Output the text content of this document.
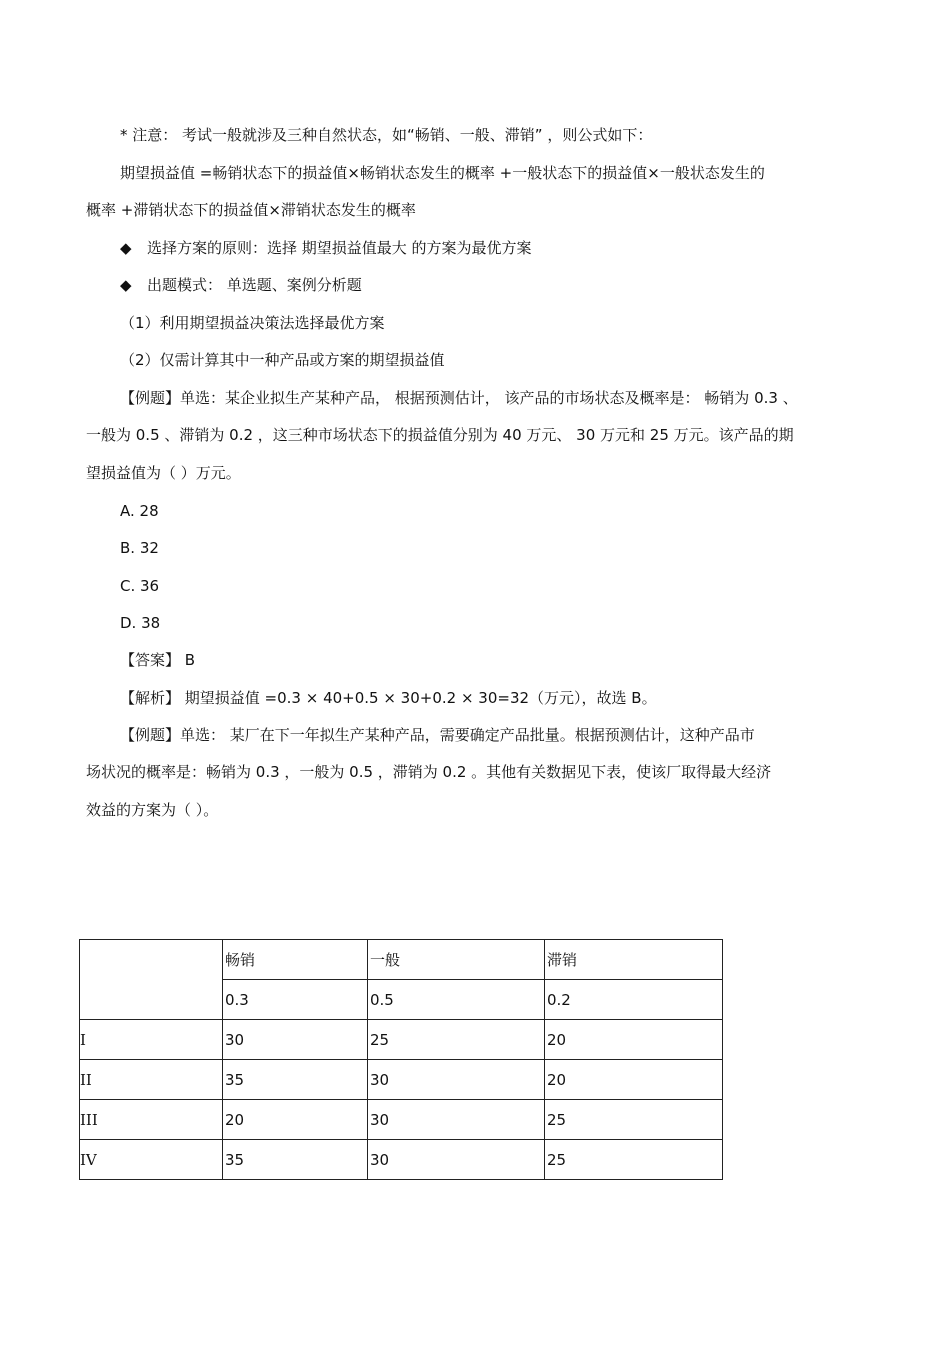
* 注意： 考试一般就涉及三种自然状态，如“畅销、一般、滞销” ，则公式如下：
期望损益值 =畅销状态下的损益值×畅销状态发生的概率 +一般状态下的损益值×一般状态发生的
概率 +滞销状态下的损益值×滞销状态发生的概率
◆ 选择方案的原则：选择 期望损益值最大 的方案为最优方案
◆ 出题模式： 单选题、案例分析题
（1）利用期望损益决策法选择最优方案
（2）仅需计算其中一种产品或方案的期望损益值
【例题】单选：某企业拟生产某种产品， 根据预测估计， 该产品的市场状态及概率是： 畅销为 0.3 、
一般为 0.5 、滞销为 0.2 ，这三种市场状态下的损益值分别为 40 万元、 30 万元和 25 万元。该产品的期
望损益值为（ ）万元。
A. 28
B. 32
C. 36
D. 38
【答案】 B
【解析】 期望损益值 =0.3 × 40+0.5 × 30+0.2 × 30=32（万元），故选 B。
【例题】单选： 某厂在下一年拟生产某种产品，需要确定产品批量。根据预测估计，这种产品市
场状况的概率是：畅销为 0.3 ，一般为 0.5 ，滞销为 0.2 。其他有关数据见下表，使该厂取得最大经济
效益的方案为（ ）。
	畅销	一般	滞销
	0.3	0.5	0.2
I	30	25	20
II	35	30	20
III	20	30	25
IV	35	30	25
